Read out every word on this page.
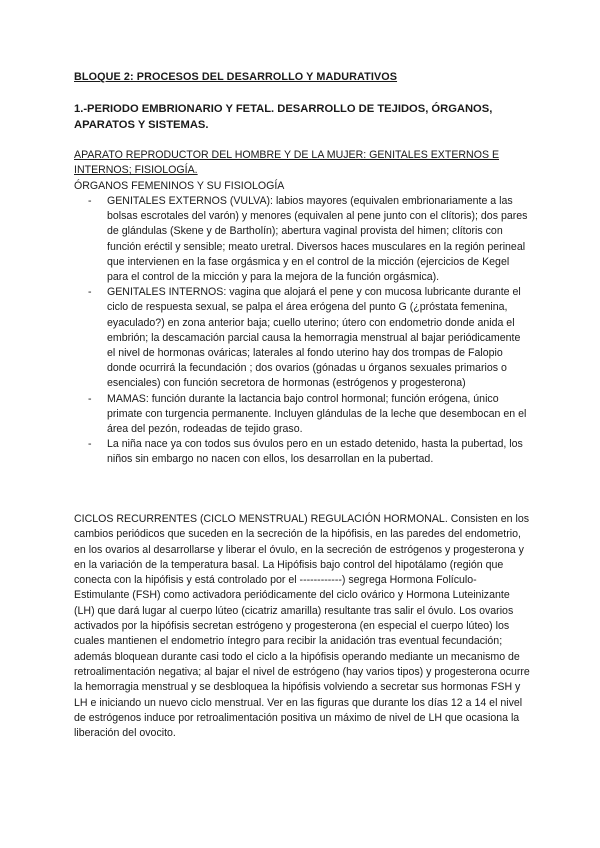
BLOQUE 2: PROCESOS DEL DESARROLLO Y MADURATIVOS
1.-PERIODO EMBRIONARIO Y FETAL. DESARROLLO DE TEJIDOS, ÓRGANOS, APARATOS Y SISTEMAS.
APARATO REPRODUCTOR DEL HOMBRE Y DE LA MUJER: GENITALES EXTERNOS E INTERNOS; FISIOLOGÍA.
ÓRGANOS FEMENINOS Y SU FISIOLOGÍA
- GENITALES EXTERNOS (VULVA): labios mayores (equivalen embrionariamente a las bolsas escrotales del varón) y menores (equivalen al pene junto con el clítoris); dos pares de glándulas (Skene y de Bartholín); abertura vaginal provista del himen; clítoris con función eréctil y sensible; meato uretral. Diversos haces musculares en la región perineal que intervienen en la fase orgásmica y en el control de la micción (ejercicios de Kegel para el control de la micción y para la mejora de la función orgásmica).
- GENITALES INTERNOS: vagina que alojará el pene y con mucosa lubricante durante el ciclo de respuesta sexual, se palpa el área erógena del punto G (¿próstata femenina, eyaculado?) en zona anterior baja; cuello uterino; útero con endometrio donde anida el embrión; la descamación parcial causa la hemorragia menstrual al bajar periódicamente el nivel de hormonas ováricas; laterales al fondo uterino hay dos trompas de Falopio donde ocurrirá la fecundación ; dos ovarios (gónadas u órganos sexuales primarios o esenciales) con función secretora de hormonas (estrógenos y progesterona)
- MAMAS: función durante la lactancia bajo control hormonal; función erógena, único primate con turgencia permanente. Incluyen glándulas de la leche que desembocan en el área del pezón, rodeadas de tejido graso.
- La niña nace ya con todos sus óvulos pero en un estado detenido, hasta la pubertad, los niños sin embargo no nacen con ellos, los desarrollan en la pubertad.
CICLOS RECURRENTES (CICLO MENSTRUAL) REGULACIÓN HORMONAL. Consisten en los cambios periódicos que suceden en la secreción de la hipófisis, en las paredes del endometrio, en los ovarios al desarrollarse y liberar el óvulo, en la secreción de estrógenos y progesterona y en la variación de la temperatura basal. La Hipófisis bajo control del hipotálamo (región que conecta con la hipófisis y está controlado por el ------------) segrega Hormona Folículo-Estimulante (FSH) como activadora periódicamente del ciclo ovárico y Hormona Luteinizante (LH) que dará lugar al cuerpo lúteo (cicatriz amarilla) resultante tras salir el óvulo. Los ovarios activados por la hipófisis secretan estrógeno y progesterona (en especial el cuerpo lúteo) los cuales mantienen el endometrio íntegro para recibir la anidación tras eventual fecundación; además bloquean durante casi todo el ciclo a la hipófisis operando mediante un mecanismo de retroalimentación negativa; al bajar el nivel de estrógeno (hay varios tipos) y progesterona ocurre la hemorragia menstrual y se desbloquea la hipófisis volviendo a secretar sus hormonas FSH y LH e iniciando un nuevo ciclo menstrual. Ver en las figuras que durante los días 12 a 14 el nivel de estrógenos induce por retroalimentación positiva un máximo de nivel de LH que ocasiona la liberación del ovocito.
